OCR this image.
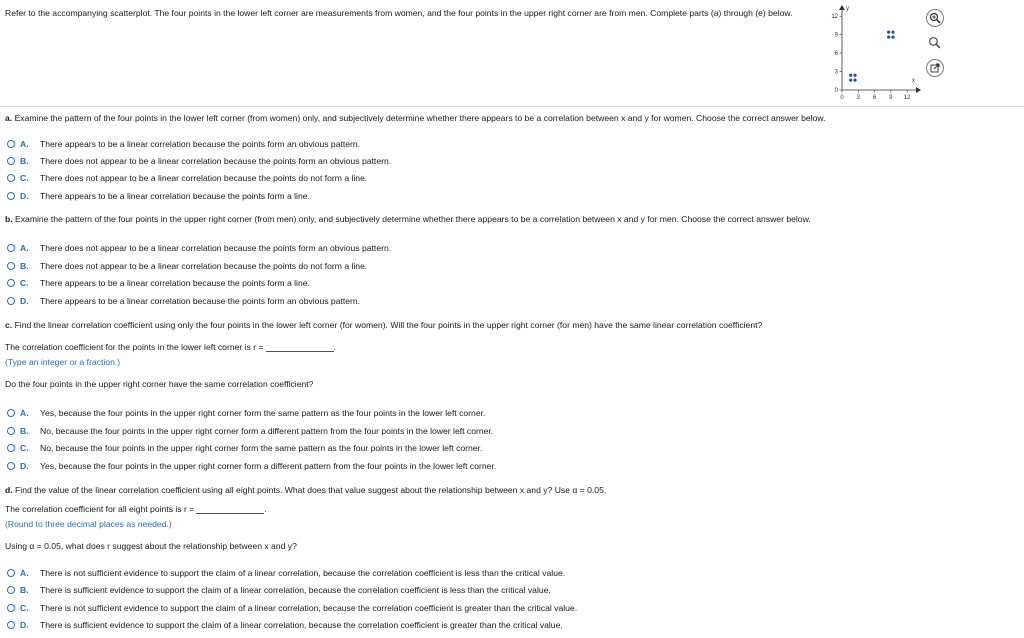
Refer to the accompanying scatterplot. The four points in the lower left corner are measurements from women, and the four points in the upper right corner are from men. Complete parts (a) through (e) below.	y
x
0 3 6 9 12
12
9
6
3
0
a. Examine the pattern of the four points in the lower left corner (from women) only, and subjectively determine whether there appears to be a correlation between x and y for women. Choose the correct answer below.
A.	There appears to be a linear correlation because the points form an obvious pattern.
B.	There does not appear to be a linear correlation because the points form an obvious pattern.
C.	There does not appear to be a linear correlation because the points do not form a line.
D.	There appears to be a linear correlation because the points form a line.
b. Examine the pattern of the four points in the upper right corner (from men) only, and subjectively determine whether there appears to be a correlation between x and y for men. Choose the correct answer below.
A.	There does not appear to be a linear correlation because the points form an obvious pattern.
B.	There does not appear to be a linear correlation because the points do not form a line.
C.	There appears to be a linear correlation because the points form a line.
D.	There appears to be a linear correlation because the points form an obvious pattern.
c. Find the linear correlation coefficient using only the four points in the lower left corner (for women). Will the four points in the upper right corner (for men) have the same linear correlation coefficient?
The correlation coefficient for the points in the lower left corner is r =	.
(Type an integer or a fraction.)
Do the four points in the upper right corner have the same correlation coefficient?
A.	Yes, because the four points in the upper right corner form the same pattern as the four points in the lower left corner.
B.	No, because the four points in the upper right corner form a different pattern from the four points in the lower left corner.
C.	No, because the four points in the upper right corner form the same pattern as the four points in the lower left corner.
D.	Yes, because the four points in the upper right corner form a different pattern from the four points in the lower left corner.
d. Find the value of the linear correlation coefficient using all eight points. What does that value suggest about the relationship between x and y? Use α = 0.05.
The correlation coefficient for all eight points is r =	.
(Round to three decimal places as needed.)
Using α = 0.05, what does r suggest about the relationship between x and y?
A.	There is not sufficient evidence to support the claim of a linear correlation, because the correlation coefficient is less than the critical value.
B.	There is sufficient evidence to support the claim of a linear correlation, because the correlation coefficient is less than the critical value.
C.	There is not sufficient evidence to support the claim of a linear correlation, because the correlation coefficient is greater than the critical value.
D.	There is sufficient evidence to support the claim of a linear correlation, because the correlation coefficient is greater than the critical value.
